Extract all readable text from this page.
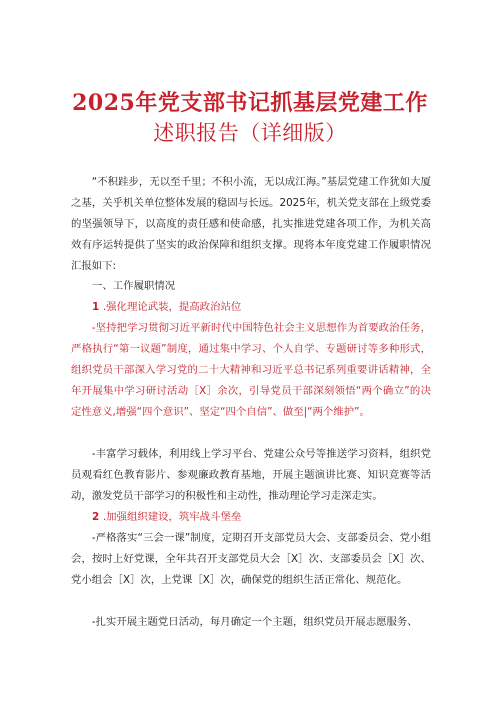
2025年党支部书记抓基层党建工作
述职报告（详细版）

“不积跬步，无以至千里；不积小流，无以成江海。”基层党建工作犹如大厦之基，关乎机关单位整体发展的稳固与长远。2025年，机关党支部在上级党委的坚强领导下，以高度的责任感和使命感，扎实推进党建各项工作，为机关高效有序运转提供了坚实的政治保障和组织支撑。现将本年度党建工作履职情况汇报如下:

一、工作履职情况
1 .强化理论武装，提高政治站位

-坚持把学习贯彻习近平新时代中国特色社会主义思想作为首要政治任务，严格执行“第一议题”制度，通过集中学习、个人自学、专题研讨等多种形式，组织党员干部深入学习党的二十大精神和习近平总书记系列重要讲话精神，全年开展集中学习研讨活动［X］余次，引导党员干部深刻领悟“两个确立”的决定性意义,增强“四个意识”、坚定“四个自信”、做至|“两个维护”。

-丰富学习载体，利用线上学习平台、党建公众号等推送学习资料，组织党员观看红色教育影片、参观廉政教育基地，开展主题演讲比赛、知识竞赛等活动，激发党员干部学习的积极性和主动性，推动理论学习走深走实。

2 .加强组织建设，筑牢战斗堡垒

-严格落实“三会一课”制度，定期召开支部党员大会、支部委员会、党小组会，按时上好党课，全年共召开支部党员大会［X］次、支部委员会［X］次、党小组会［X］次，上党课［X］次，确保党的组织生活正常化、规范化。

-扎实开展主题党日活动，每月确定一个主题，组织党员开展志愿服务、
